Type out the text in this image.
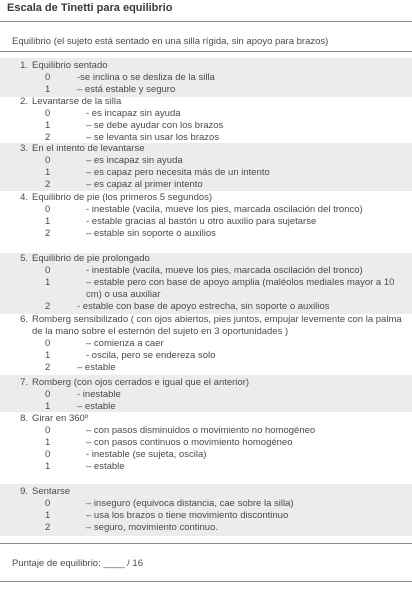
Escala de Tinetti para equilibrio
Equilibrio (el sujeto está sentado en una silla rígida, sin apoyo para brazos)
1. Equilibrio sentado
0	-se inclina o se desliza de la silla
1	– está estable y seguro
2. Levantarse de la silla
0	- es incapaz sin ayuda
1	– se debe ayudar con los brazos
2	– se levanta sin usar los brazos
3. En el intento de levantarse
0	– es incapaz sin ayuda
1	– es capaz pero necesita más de un intento
2	– es capaz al primer intento
4. Equilibrio de pie (los primeros 5 segundos)
0	- inestable (vacila, mueve los pies, marcada oscilación del tronco)
1	- estable gracias al bastón u otro auxilio para sujetarse
2	– estable sin soporte o auxilios
5. Equilibrio de pie prolongado
0	- inestable (vacila, mueve los pies, marcada oscilación del tronco)
1	– estable pero con base de apoyo amplia (maléolos mediales mayor a 10 cm) o usa auxiliar
2	- estable con base de apoyo estrecha, sin soporte o auxilios
6. Romberg sensibilizado ( con ojos abiertos, pies juntos, empujar levemente con la palma de la mano sobre el esternón del sujeto en 3 oportunidades )
0	– comienza a caer
1	- oscila, pero se endereza solo
2	– estable
7. Romberg (con ojos cerrados e igual que el anterior)
0	- inestable
1	– estable
8. Girar en 360º
0	– con pasos disminuidos o movimiento no homogéneo
1	– con pasos continuos o movimiento homogéneo
0	- inestable (se sujeta, oscila)
1	– estable
9. Sentarse
0	– inseguro (equivoca distancia, cae sobre la silla)
1	– usa los brazos o tiene movimiento discontinuo
2	– seguro, movimiento continuo.
Puntaje de equilibrio: ____ / 16
